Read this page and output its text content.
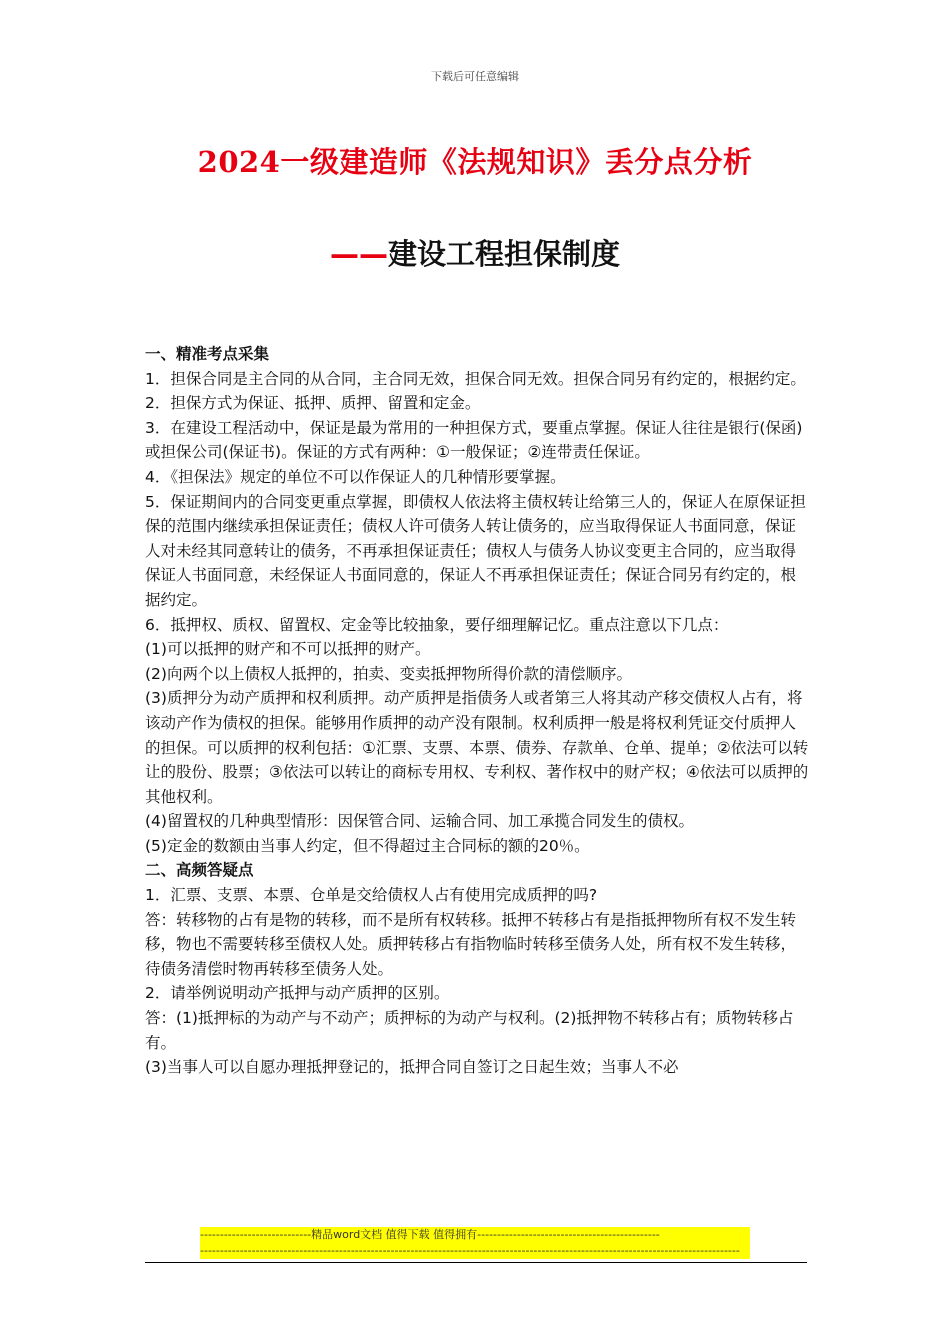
下载后可任意编辑
2024一级建造师《法规知识》丢分点分析
——建设工程担保制度

一、精准考点采集

1．担保合同是主合同的从合同，主合同无效，担保合同无效。担保合同另有约定的，根据约定。

2．担保方式为保证、抵押、质押、留置和定金。

3．在建设工程活动中，保证是最为常用的一种担保方式，要重点掌握。保证人往往是银行(保函)或担保公司(保证书)。保证的方式有两种：①一般保证；②连带责任保证。

4．《担保法》规定的单位不可以作保证人的几种情形要掌握。

5．保证期间内的合同变更重点掌握，即债权人依法将主债权转让给第三人的，保证人在原保证担保的范围内继续承担保证责任；债权人许可债务人转让债务的，应当取得保证人书面同意，保证人对未经其同意转让的债务，不再承担保证责任；债权人与债务人协议变更主合同的，应当取得保证人书面同意，未经保证人书面同意的，保证人不再承担保证责任；保证合同另有约定的，根据约定。

6．抵押权、质权、留置权、定金等比较抽象，要仔细理解记忆。重点注意以下几点：

(1)可以抵押的财产和不可以抵押的财产。

(2)向两个以上债权人抵押的，拍卖、变卖抵押物所得价款的清偿顺序。

(3)质押分为动产质押和权利质押。动产质押是指债务人或者第三人将其动产移交债权人占有，将该动产作为债权的担保。能够用作质押的动产没有限制。权利质押一般是将权利凭证交付质押人的担保。可以质押的权利包括：①汇票、支票、本票、债券、存款单、仓单、提单；②依法可以转让的股份、股票；③依法可以转让的商标专用权、专利权、著作权中的财产权；④依法可以质押的其他权利。

(4)留置权的几种典型情形：因保管合同、运输合同、加工承揽合同发生的债权。

(5)定金的数额由当事人约定，但不得超过主合同标的额的20％。

二、高频答疑点

1．汇票、支票、本票、仓单是交给债权人占有使用完成质押的吗?

答：转移物的占有是物的转移，而不是所有权转移。抵押不转移占有是指抵押物所有权不发生转移，物也不需要转移至债权人处。质押转移占有指物临时转移至债务人处，所有权不发生转移，待债务清偿时物再转移至债务人处。

2．请举例说明动产抵押与动产质押的区别。

答：(1)抵押标的为动产与不动产；质押标的为动产与权利。(2)抵押物不转移占有；质物转移占有。

(3)当事人可以自愿办理抵押登记的，抵押合同自签订之日起生效；当事人不必

----------------------------精品word文档 值得下载 值得拥有----------------------------------------------
----------------------------------------------------------------------------------------------------------------------------------------
